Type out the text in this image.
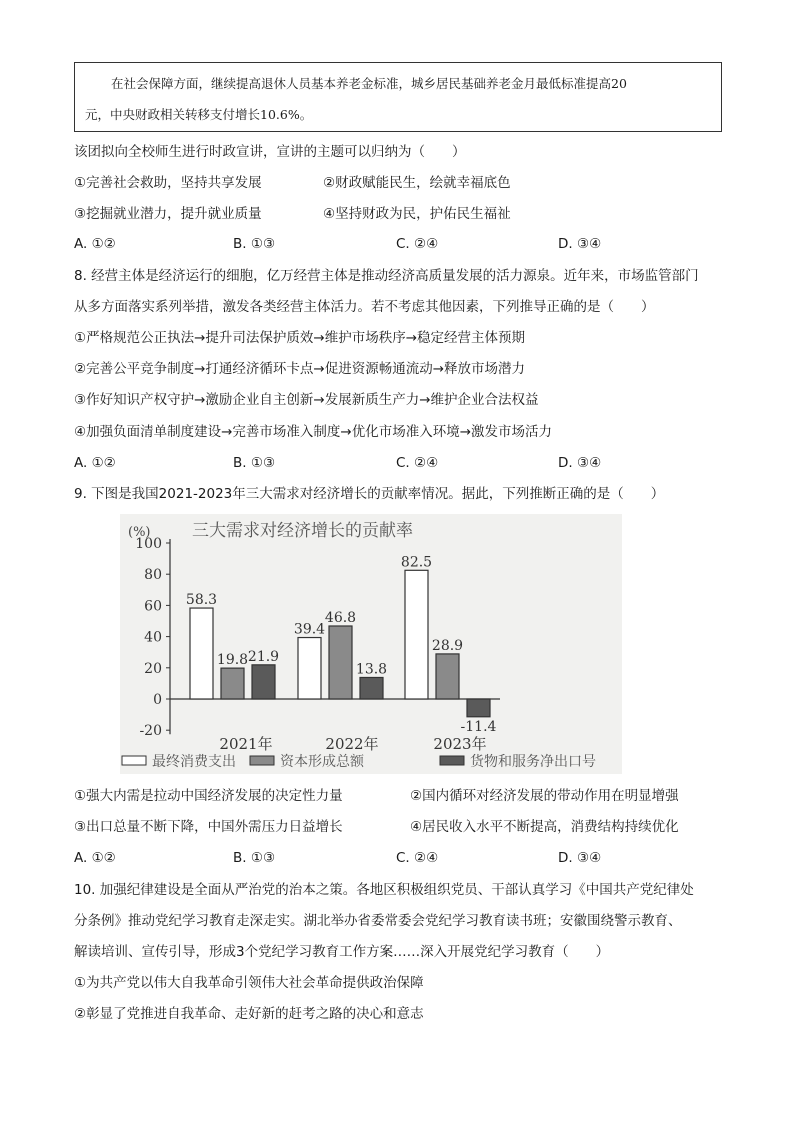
在社会保障方面，继续提高退休人员基本养老金标准，城乡居民基础养老金月最低标准提高20
元，中央财政相关转移支付增长10.6%。
该团拟向全校师生进行时政宣讲，宣讲的主题可以归纳为（　　）
①完善社会救助，坚持共享发展	②财政赋能民生，绘就幸福底色
③挖掘就业潜力，提升就业质量	④坚持财政为民，护佑民生福祉
A. ①②	B. ①③	C. ②④	D. ③④
8. 经营主体是经济运行的细胞，亿万经营主体是推动经济高质量发展的活力源泉。近年来，市场监管部门
从多方面落实系列举措，激发各类经营主体活力。若不考虑其他因素，下列推导正确的是（　　）
①严格规范公正执法→提升司法保护质效→维护市场秩序→稳定经营主体预期
②完善公平竞争制度→打通经济循环卡点→促进资源畅通流动→释放市场潜力
③作好知识产权守护→激励企业自主创新→发展新质生产力→维护企业合法权益
④加强负面清单制度建设→完善市场准入制度→优化市场准入环境→激发市场活力
A. ①②	B. ①③	C. ②④	D. ③④
9. 下图是我国2021-2023年三大需求对经济增长的贡献率情况。据此，下列推断正确的是（　　）
(%) 三大需求对经济增长的贡献率
100
80
60
40
20
0
-20
58.3
39.4
82.5
19.8
46.8
28.9
21.9
13.8
-11.4
2021年	2022年	2023年
最终消费支出	资本形成总额	货物和服务净出口号
①强大内需是拉动中国经济发展的决定性力量	②国内循环对经济发展的带动作用在明显增强
③出口总量不断下降，中国外需压力日益增长	④居民收入水平不断提高，消费结构持续优化
A. ①②	B. ①③	C. ②④	D. ③④
10. 加强纪律建设是全面从严治党的治本之策。各地区积极组织党员、干部认真学习《中国共产党纪律处
分条例》推动党纪学习教育走深走实。湖北举办省委常委会党纪学习教育读书班；安徽围绕警示教育、
解读培训、宣传引导，形成3个党纪学习教育工作方案……深入开展党纪学习教育（　　）
①为共产党以伟大自我革命引领伟大社会革命提供政治保障
②彰显了党推进自我革命、走好新的赶考之路的决心和意志
